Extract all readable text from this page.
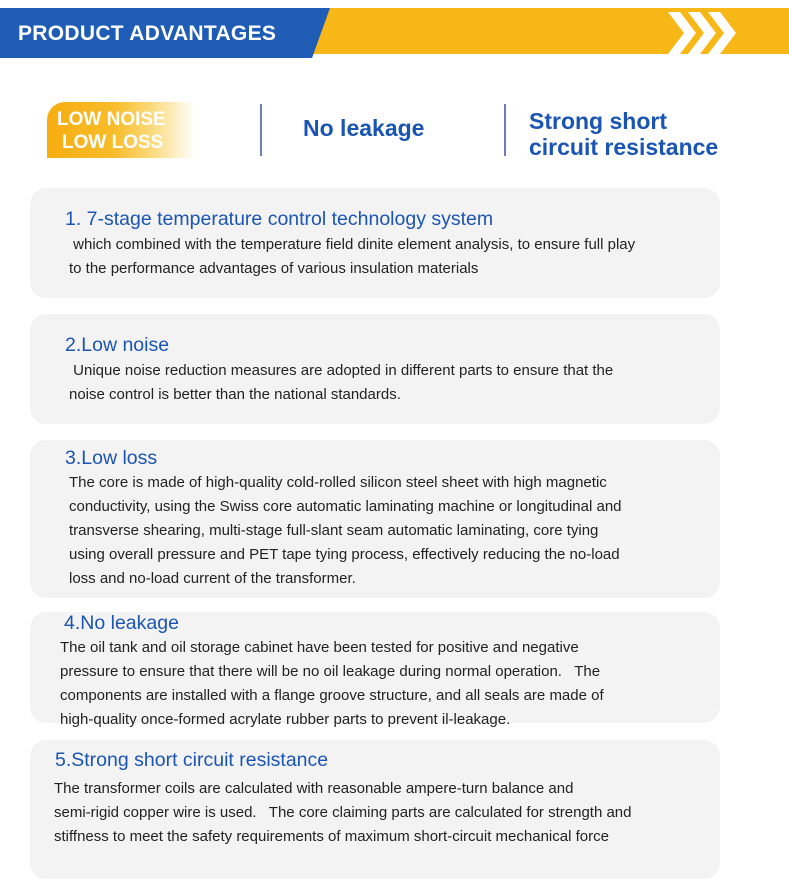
PRODUCT ADVANTAGES
LOW NOISE
LOW LOSS
No leakage	Strong short
circuit resistance
1. 7-stage temperature control technology system
which combined with the temperature field dinite element analysis, to ensure full play
to the performance advantages of various insulation materials
2.Low noise
Unique noise reduction measures are adopted in different parts to ensure that the
noise control is better than the national standards.
3.Low loss
The core is made of high-quality cold-rolled silicon steel sheet with high magnetic
conductivity, using the Swiss core automatic laminating machine or longitudinal and
transverse shearing, multi-stage full-slant seam automatic laminating, core tying
using overall pressure and PET tape tying process, effectively reducing the no-load
loss and no-load current of the transformer.
4.No leakage
The oil tank and oil storage cabinet have been tested for positive and negative
pressure to ensure that there will be no oil leakage during normal operation.   The
components are installed with a flange groove structure, and all seals are made of
high-quality once-formed acrylate rubber parts to prevent il-leakage.
5.Strong short circuit resistance
The transformer coils are calculated with reasonable ampere-turn balance and
semi-rigid copper wire is used.   The core claiming parts are calculated for strength and
stiffness to meet the safety requirements of maximum short-circuit mechanical force
